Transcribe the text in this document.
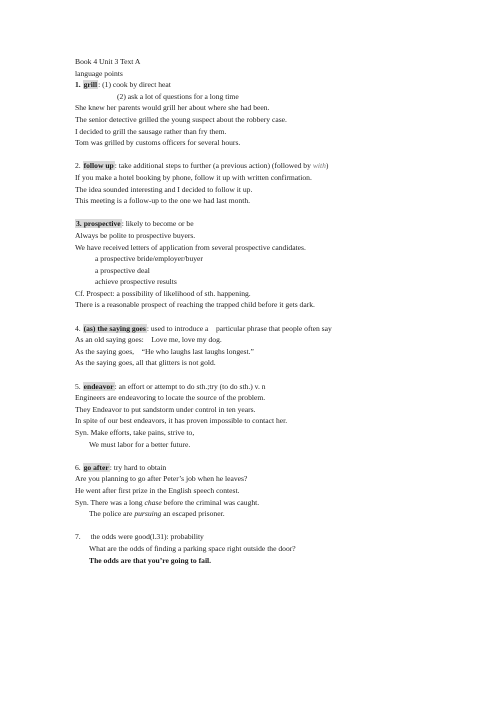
Book 4 Unit 3 Text A
language points
1. grill: (1) cook by direct heat
(2) ask a lot of questions for a long time
She knew her parents would grill her about where she had been.
The senior detective grilled the young suspect about the robbery case.
I decided to grill the sausage rather than fry them.
Tom was grilled by customs officers for several hours.
2. follow up: take additional steps to further (a previous action) (followed by with)
If you make a hotel booking by phone, follow it up with written confirmation.
The idea sounded interesting and I decided to follow it up.
This meeting is a follow-up to the one we had last month.
3. prospective: likely to become or be
Always be polite to prospective buyers.
We have received letters of application from several prospective candidates.
a prospective bride/employer/buyer
a prospective deal
achieve prospective results
Cf. Prospect: a possibility of likelihood of sth. happening.
There is a reasonable prospect of reaching the trapped child before it gets dark.
4. (as) the saying goes: used to introduce a    particular phrase that people often say
As an old saying goes:    Love me, love my dog.
As the saying goes,    “He who laughs last laughs longest.”
As the saying goes, all that glitters is not gold.
5. endeavor: an effort or attempt to do sth.;try (to do sth.) v. n
Engineers are endeavoring to locate the source of the problem.
They Endeavor to put sandstorm under control in ten years.
In spite of our best endeavors, it has proven impossible to contact her.
Syn. Make efforts, take pains, strive to,
We must labor for a better future.
6. go after: try hard to obtain
Are you planning to go after Peter’s job when he leaves?
He went after first prize in the English speech contest.
Syn. There was a long chase before the criminal was caught.
The police are pursuing an escaped prisoner.
7. the odds were good(l.31): probability
What are the odds of finding a parking space right outside the door?
The odds are that you’re going to fail.
